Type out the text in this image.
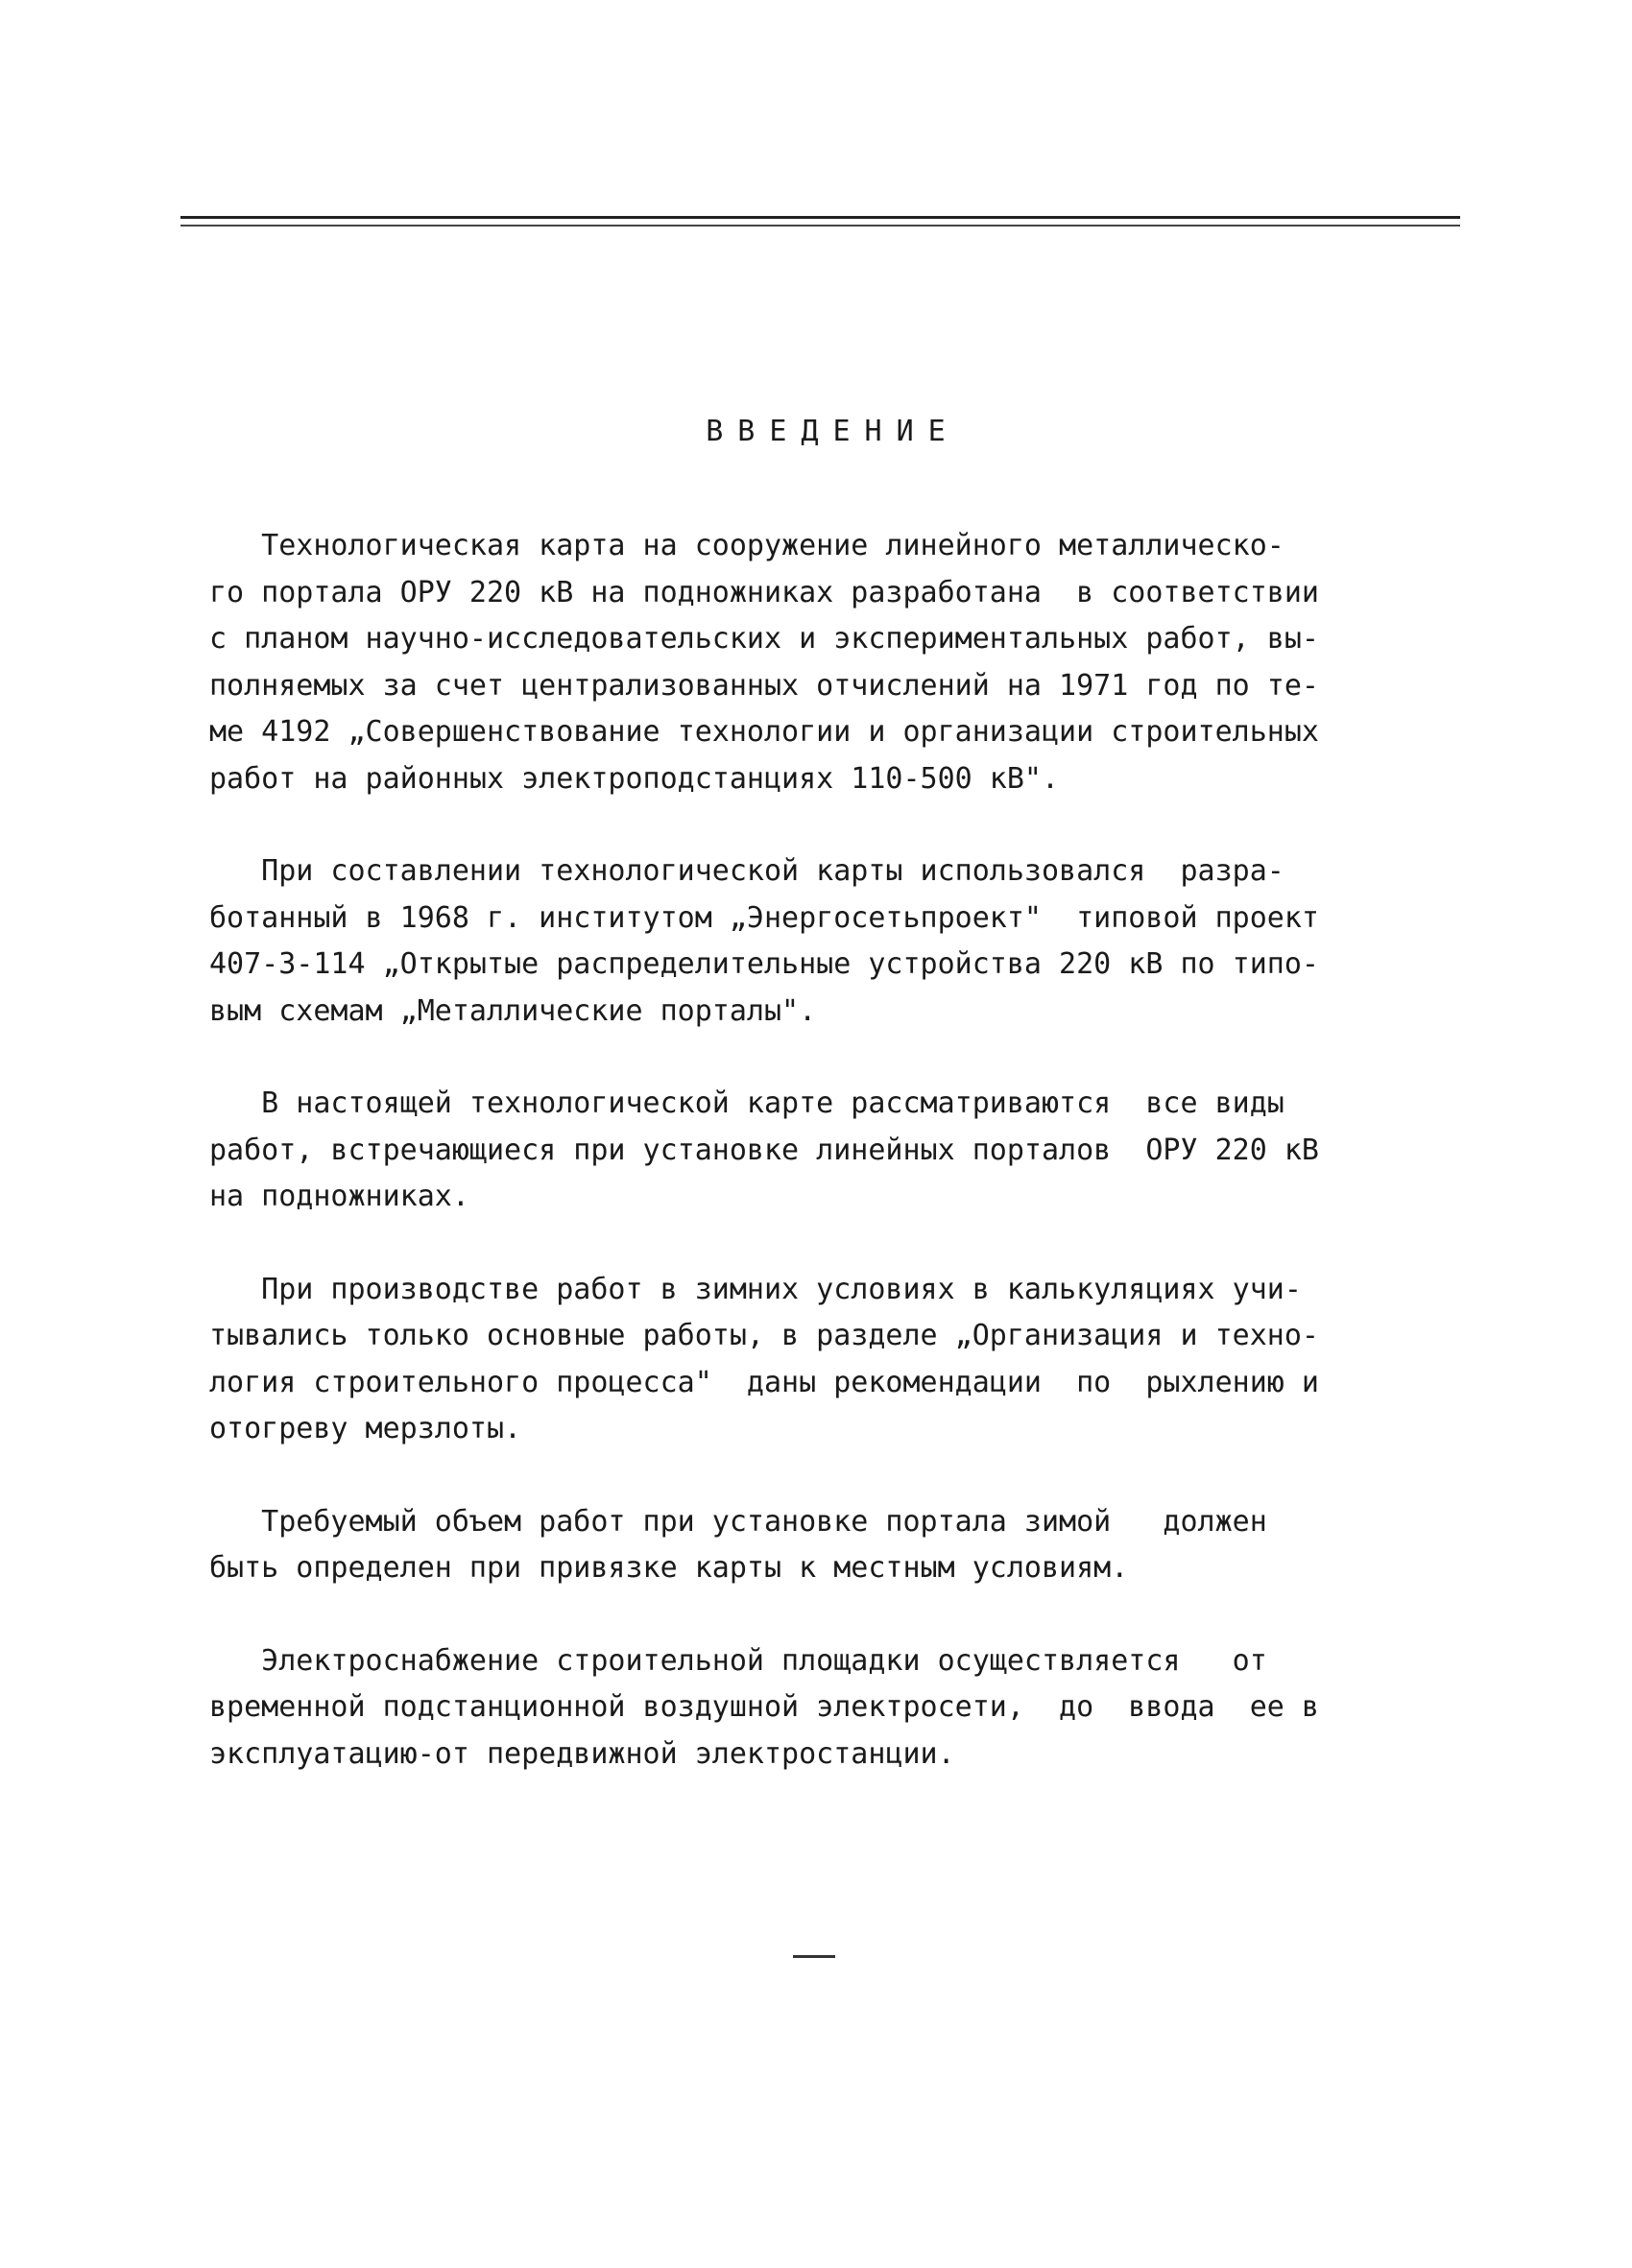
ВВЕДЕНИЕ
Технологическая карта на сооружение линейного металлическо-
го портала ОРУ 220 кВ на подножниках разработана  в соответствии
с планом научно-исследовательских и экспериментальных работ, вы-
полняемых за счет централизованных отчислений на 1971 год по те-
ме 4192 „Совершенствование технологии и организации строительных
работ на районных электроподстанциях 110-500 кВ".
При составлении технологической карты использовался  разра-
ботанный в 1968 г. институтом „Энергосетьпроект"  типовой проект
407-3-114 „Открытые распределительные устройства 220 кВ по типо-
вым схемам „Металлические порталы".
В настоящей технологической карте рассматриваются  все виды
работ, встречающиеся при установке линейных порталов  ОРУ 220 кВ
на подножниках.
При производстве работ в зимних условиях в калькуляциях учи-
тывались только основные работы, в разделе „Организация и техно-
логия строительного процесса"  даны рекомендации  по  рыхлению и
отогреву мерзлоты.
Требуемый объем работ при установке портала зимой   должен
быть определен при привязке карты к местным условиям.
Электроснабжение строительной площадки осуществляется   от
временной подстанционной воздушной электросети,  до  ввода  ее в
эксплуатацию-от передвижной электростанции.
